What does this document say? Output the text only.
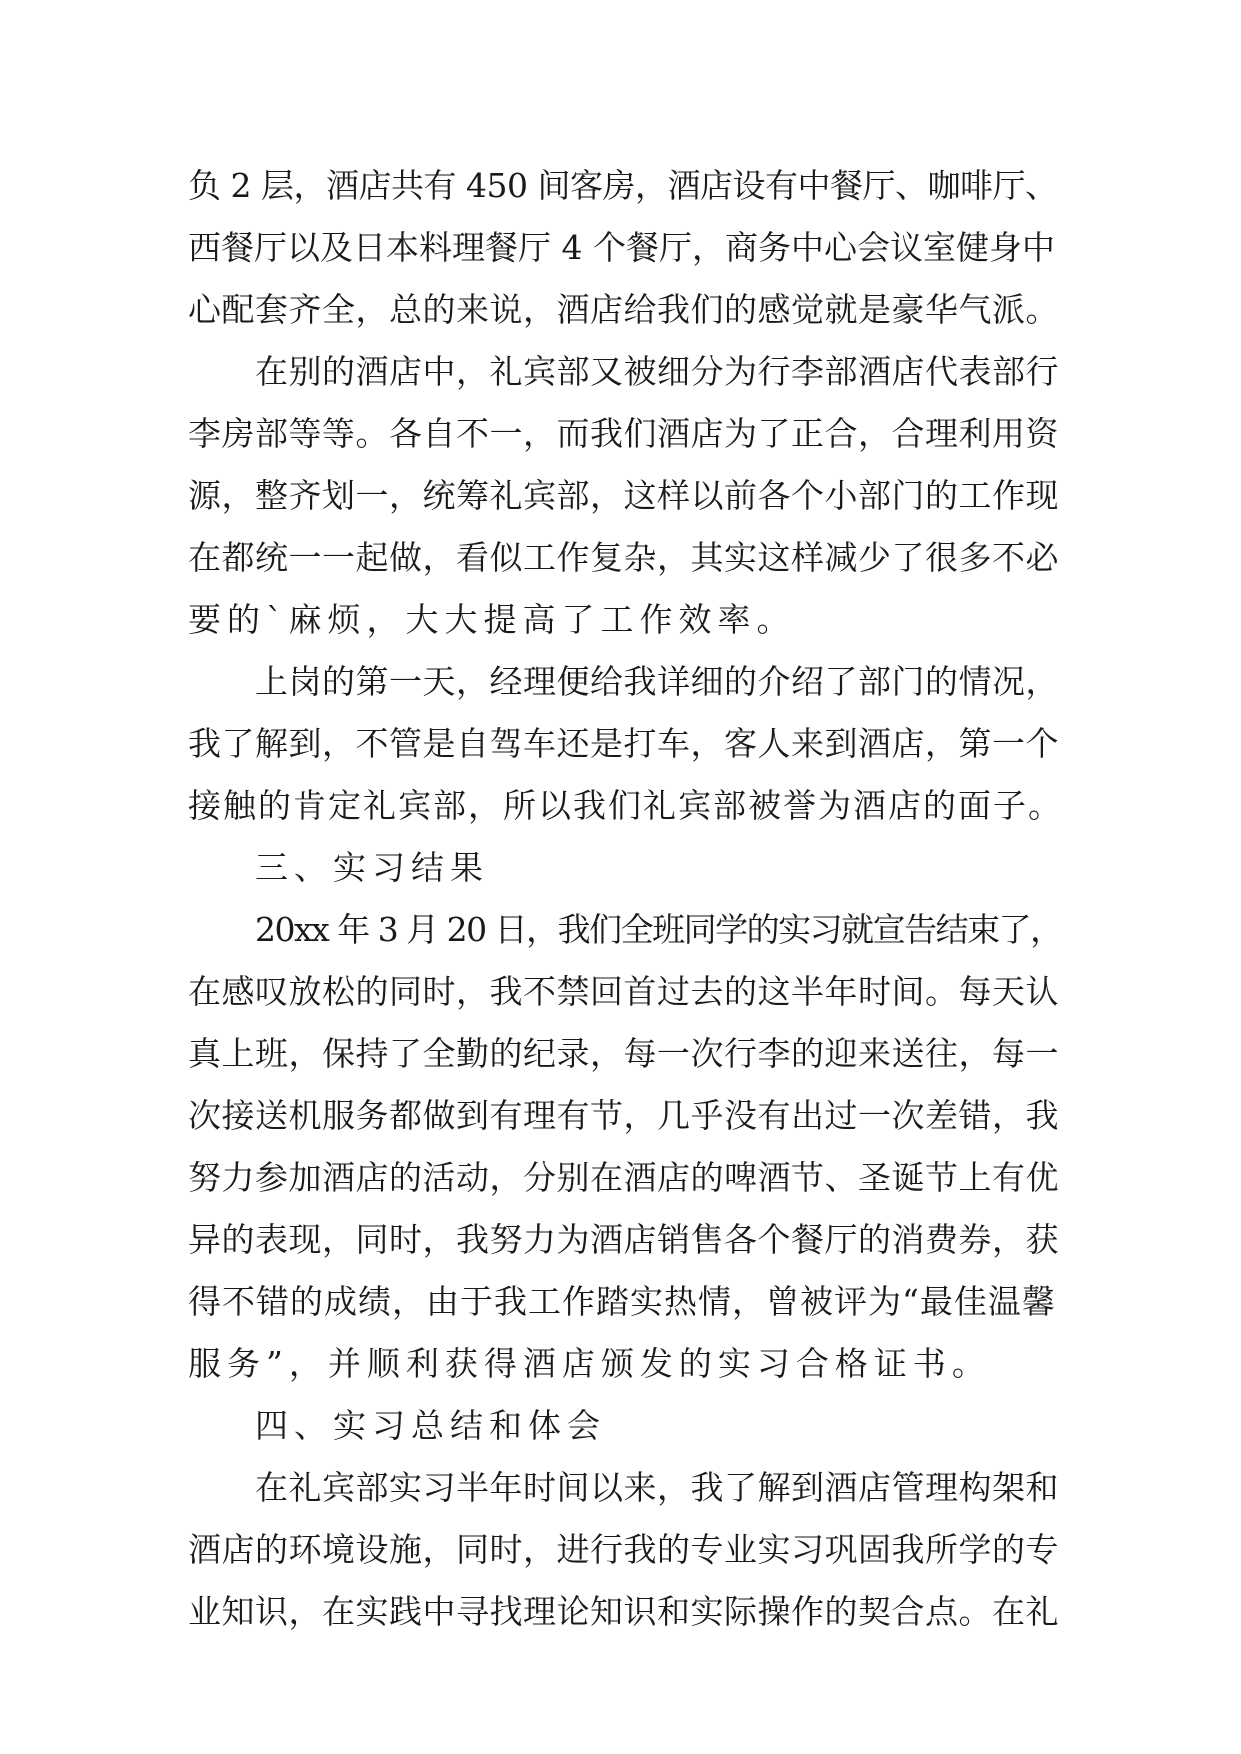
负 2 层，酒店共有 450 间客房，酒店设有中餐厅、咖啡厅、
西餐厅以及日本料理餐厅 4 个餐厅，商务中心会议室健身中
心配套齐全，总的来说，酒店给我们的感觉就是豪华气派。
在别的酒店中，礼宾部又被细分为行李部酒店代表部行
李房部等等。各自不一，而我们酒店为了正合，合理利用资
源，整齐划一，统筹礼宾部，这样以前各个小部门的工作现
在都统一一起做，看似工作复杂，其实这样减少了很多不必
要的`麻烦，大大提高了工作效率。
上岗的第一天，经理便给我详细的介绍了部门的情况，
我了解到，不管是自驾车还是打车，客人来到酒店，第一个
接触的肯定礼宾部，所以我们礼宾部被誉为酒店的面子。
三、实习结果
20xx 年 3 月 20 日，我们全班同学的实习就宣告结束了，
在感叹放松的同时，我不禁回首过去的这半年时间。每天认
真上班，保持了全勤的纪录，每一次行李的迎来送往，每一
次接送机服务都做到有理有节，几乎没有出过一次差错，我
努力参加酒店的活动，分别在酒店的啤酒节、圣诞节上有优
异的表现，同时，我努力为酒店销售各个餐厅的消费券，获
得不错的成绩，由于我工作踏实热情，曾被评为“最佳温馨
服务”，并顺利获得酒店颁发的实习合格证书。
四、实习总结和体会
在礼宾部实习半年时间以来，我了解到酒店管理构架和
酒店的环境设施，同时，进行我的专业实习巩固我所学的专
业知识，在实践中寻找理论知识和实际操作的契合点。在礼
